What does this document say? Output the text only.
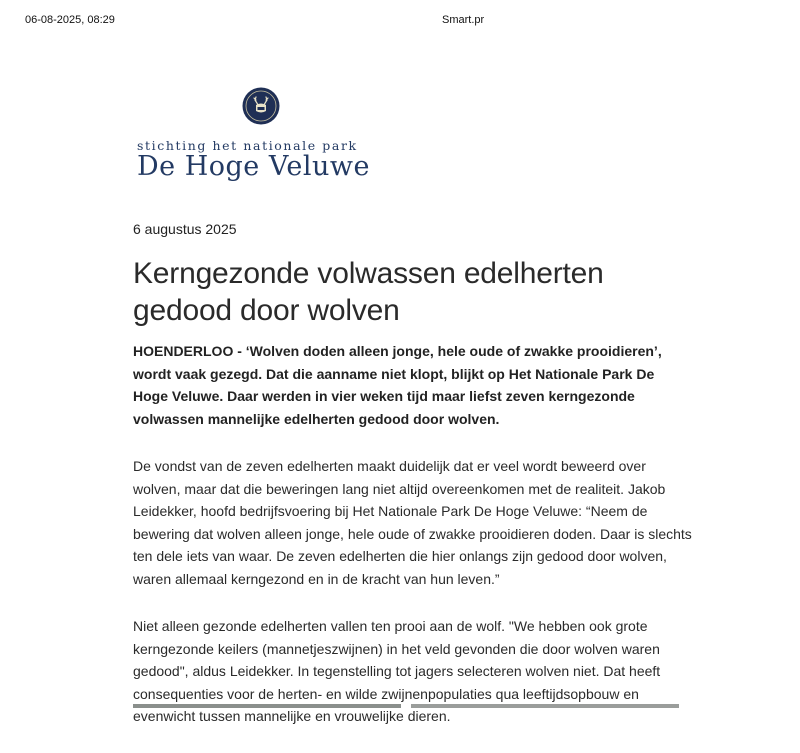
06-08-2025, 08:29	Smart.pr
stichting het nationale park
De Hoge Veluwe
6 augustus 2025
Kerngezonde volwassen edelherten gedood door wolven

HOENDERLOO - ‘Wolven doden alleen jonge, hele oude of zwakke prooidieren’, wordt vaak gezegd. Dat die aanname niet klopt, blijkt op Het Nationale Park De Hoge Veluwe. Daar werden in vier weken tijd maar liefst zeven kerngezonde volwassen mannelijke edelherten gedood door wolven.

De vondst van de zeven edelherten maakt duidelijk dat er veel wordt beweerd over wolven, maar dat die beweringen lang niet altijd overeenkomen met de realiteit. Jakob Leidekker, hoofd bedrijfsvoering bij Het Nationale Park De Hoge Veluwe: “Neem de bewering dat wolven alleen jonge, hele oude of zwakke prooidieren doden. Daar is slechts ten dele iets van waar. De zeven edelherten die hier onlangs zijn gedood door wolven, waren allemaal kerngezond en in de kracht van hun leven.”

Niet alleen gezonde edelherten vallen ten prooi aan de wolf. "We hebben ook grote kerngezonde keilers (mannetjeszwijnen) in het veld gevonden die door wolven waren gedood", aldus Leidekker. In tegenstelling tot jagers selecteren wolven niet. Dat heeft consequenties voor de herten- en wilde zwijnenpopulaties qua leeftijdsopbouw en evenwicht tussen mannelijke en vrouwelijke dieren.
